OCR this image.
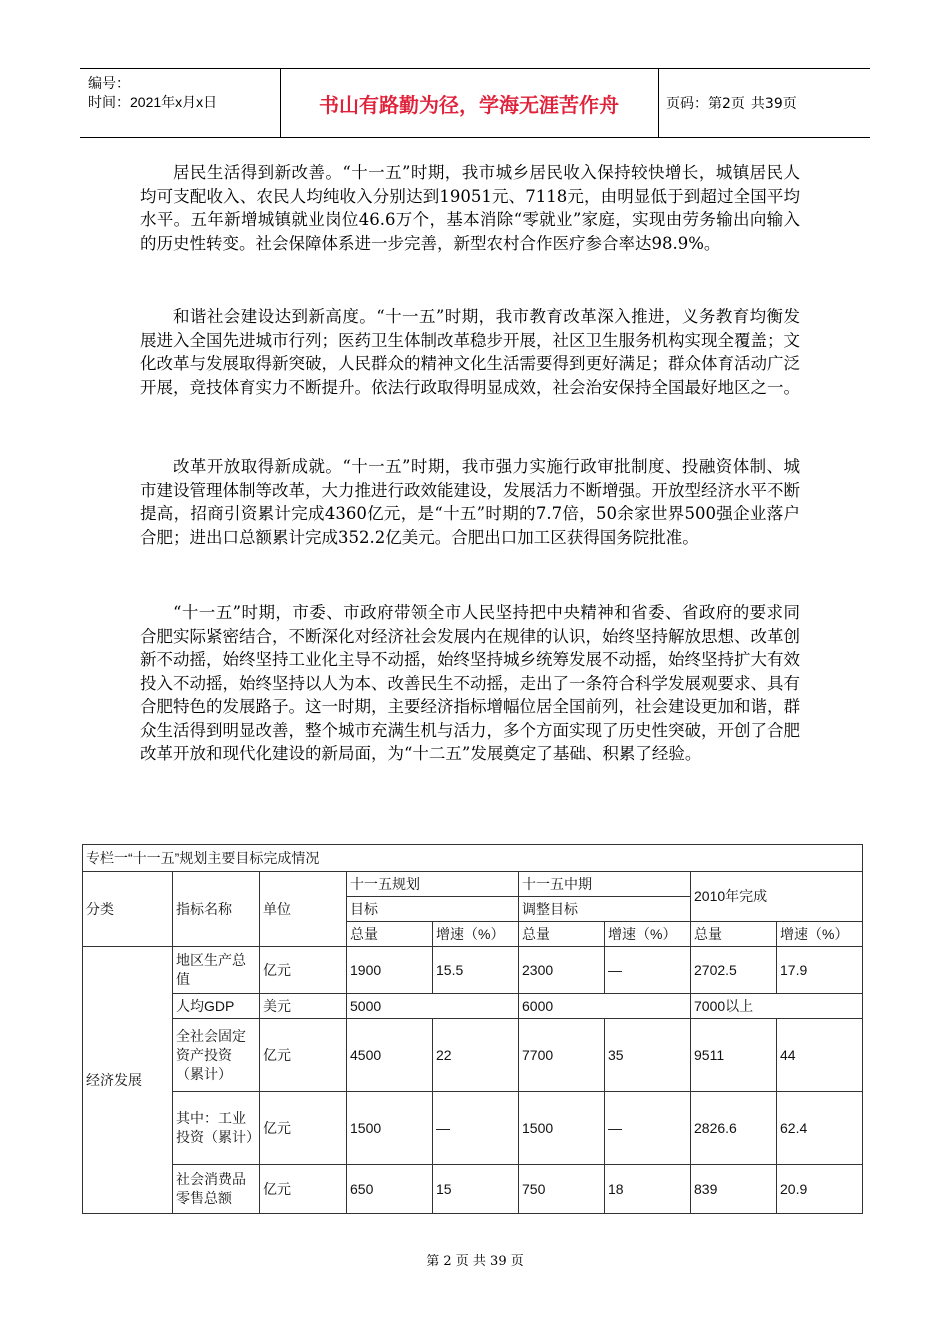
编号：
时间：2021年x月x日	书山有路勤为径，学海无涯苦作舟	页码：第2页 共39页

居民生活得到新改善。“十一五”时期，我市城乡居民收入保持较快增长，城镇居民人均可支配收入、农民人均纯收入分别达到19051元、7118元，由明显低于到超过全国平均水平。五年新增城镇就业岗位46.6万个，基本消除“零就业”家庭，实现由劳务输出向输入的历史性转变。社会保障体系进一步完善，新型农村合作医疗参合率达98.9%。

和谐社会建设达到新高度。“十一五”时期，我市教育改革深入推进，义务教育均衡发展进入全国先进城市行列；医药卫生体制改革稳步开展，社区卫生服务机构实现全覆盖；文化改革与发展取得新突破，人民群众的精神文化生活需要得到更好满足；群众体育活动广泛开展，竞技体育实力不断提升。依法行政取得明显成效，社会治安保持全国最好地区之一。

改革开放取得新成就。“十一五”时期，我市强力实施行政审批制度、投融资体制、城市建设管理体制等改革，大力推进行政效能建设，发展活力不断增强。开放型经济水平不断提高，招商引资累计完成4360亿元，是“十五”时期的7.7倍，50余家世界500强企业落户合肥；进出口总额累计完成352.2亿美元。合肥出口加工区获得国务院批准。

“十一五”时期，市委、市政府带领全市人民坚持把中央精神和省委、省政府的要求同合肥实际紧密结合，不断深化对经济社会发展内在规律的认识，始终坚持解放思想、改革创新不动摇，始终坚持工业化主导不动摇，始终坚持城乡统筹发展不动摇，始终坚持扩大有效投入不动摇，始终坚持以人为本、改善民生不动摇，走出了一条符合科学发展观要求、具有合肥特色的发展路子。这一时期，主要经济指标增幅位居全国前列，社会建设更加和谐，群众生活得到明显改善，整个城市充满生机与活力，多个方面实现了历史性突破，开创了合肥改革开放和现代化建设的新局面，为“十二五”发展奠定了基础、积累了经验。

专栏一“十一五”规划主要目标完成情况								
分类	指标名称	单位	十一五规划		十一五中期		2010年完成	
			目标		调整目标			
			总量	增速（%）	总量	增速（%）	总量	增速（%）
经济发展	地区生产总值	亿元	1900	15.5	2300	—	2702.5	17.9
	人均GDP	美元	5000		6000		7000以上	
	全社会固定资产投资（累计）	亿元	4500	22	7700	35	9511	44
	其中：工业投资（累计）	亿元	1500	—	1500	—	2826.6	62.4
	社会消费品零售总额	亿元	650	15	750	18	839	20.9
第 2 页 共 39 页
